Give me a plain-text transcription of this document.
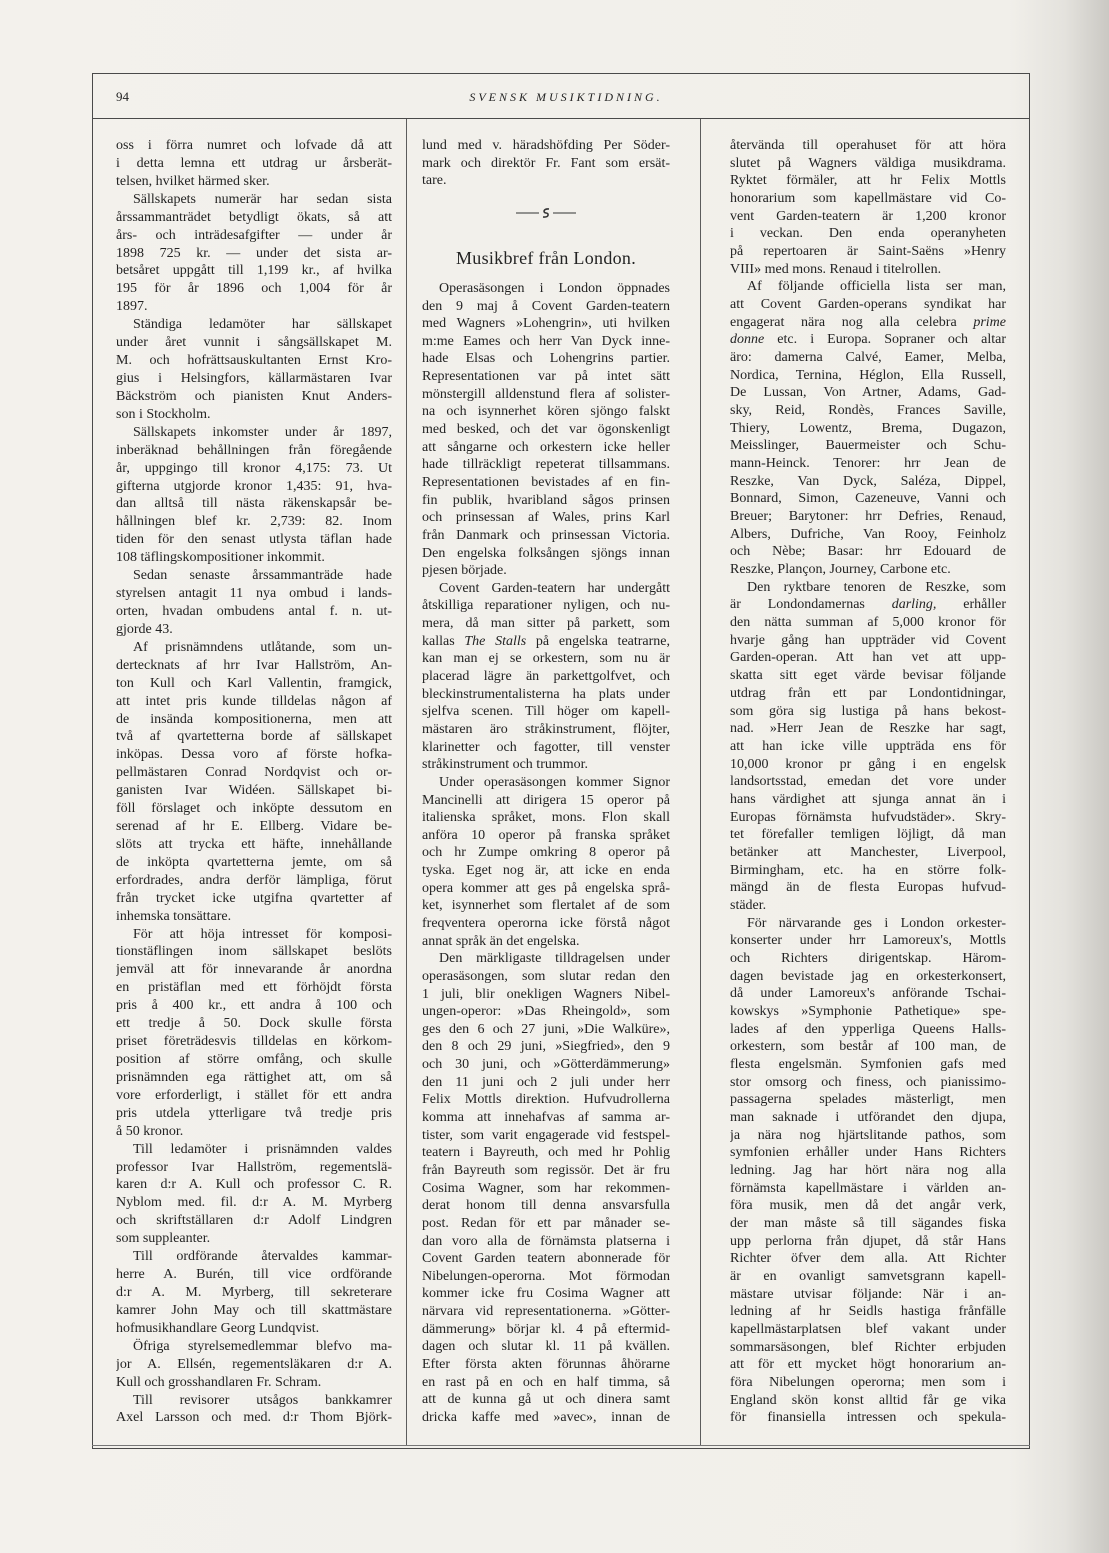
94	SVENSK MUSIKTIDNING.
oss i förra numret och lofvade då att
i detta lemna ett utdrag ur årsberät-
telsen, hvilket härmed sker.
Sällskapets numerär har sedan sista
årssammanträdet betydligt ökats, så att
års- och inträdesafgifter — under år
1898 725 kr. — under det sista ar-
betsåret uppgått till 1,199 kr., af hvilka
195 för år 1896 och 1,004 för år
1897.
Ständiga ledamöter har sällskapet
under året vunnit i sångsällskapet M.
M. och hofrättsauskultanten Ernst Kro-
gius i Helsingfors, källarmästaren Ivar
Bäckström och pianisten Knut Anders-
son i Stockholm.
Sällskapets inkomster under år 1897,
inberäknad behållningen från föregående
år, uppgingo till kronor 4,175: 73. Ut
gifterna utgjorde kronor 1,435: 91, hva-
dan alltså till nästa räkenskapsår be-
hållningen blef kr. 2,739: 82. Inom
tiden för den senast utlysta täflan hade
108 täflingskompositioner inkommit.
Sedan senaste årssammanträde hade
styrelsen antagit 11 nya ombud i lands-
orten, hvadan ombudens antal f. n. ut-
gjorde 43.
Af prisnämndens utlåtande, som un-
dertecknats af hrr Ivar Hallström, An-
ton Kull och Karl Vallentin, framgick,
att intet pris kunde tilldelas någon af
de insända kompositionerna, men att
två af qvartetterna borde af sällskapet
inköpas. Dessa voro af förste hofka-
pellmästaren Conrad Nordqvist och or-
ganisten Ivar Widéen. Sällskapet bi-
föll förslaget och inköpte dessutom en
serenad af hr E. Ellberg. Vidare be-
slöts att trycka ett häfte, innehållande
de inköpta qvartetterna jemte, om så
erfordrades, andra derför lämpliga, förut
från trycket icke utgifna qvartetter af
inhemska tonsättare.
För att höja intresset för komposi-
tionstäflingen inom sällskapet beslöts
jemväl att för innevarande år anordna
en pristäflan med ett förhöjdt första
pris å 400 kr., ett andra å 100 och
ett tredje å 50. Dock skulle första
priset företrädesvis tilldelas en körkom-
position af större omfång, och skulle
prisnämnden ega rättighet att, om så
vore erforderligt, i stället för ett andra
pris utdela ytterligare två tredje pris
å 50 kronor.
Till ledamöter i prisnämnden valdes
professor Ivar Hallström, regementslä-
karen d:r A. Kull och professor C. R.
Nyblom med. fil. d:r A. M. Myrberg
och skriftställaren d:r Adolf Lindgren
som suppleanter.
Till ordförande återvaldes kammar-
herre A. Burén, till vice ordförande
d:r A. M. Myrberg, till sekreterare
kamrer John May och till skattmästare
hofmusikhandlare Georg Lundqvist.
Öfriga styrelsemedlemmar blefvo ma-
jor A. Ellsén, regementsläkaren d:r A.
Kull och grosshandlaren Fr. Schram.
Till revisorer utsågos bankkamrer
Axel Larsson och med. d:r Thom Björk-
lund med v. häradshöfding Per Söder-
mark och direktör Fr. Fant som ersät-
tare.
Musikbref från London.
Operasäsongen i London öppnades
den 9 maj å Covent Garden-teatern
med Wagners »Lohengrin», uti hvilken
m:me Eames och herr Van Dyck inne-
hade Elsas och Lohengrins partier.
Representationen var på intet sätt
mönstergill alldenstund flera af solister-
na och isynnerhet kören sjöngo falskt
med besked, och det var ögonskenligt
att sångarne och orkestern icke heller
hade tillräckligt repeterat tillsammans.
Representationen bevistades af en fin-
fin publik, hvaribland sågos prinsen
och prinsessan af Wales, prins Karl
från Danmark och prinsessan Victoria.
Den engelska folksången sjöngs innan
pjesen började.
Covent Garden-teatern har undergått
åtskilliga reparationer nyligen, och nu-
mera, då man sitter på parkett, som
kallas The Stalls på engelska teatrarne,
kan man ej se orkestern, som nu är
placerad lägre än parkettgolfvet, och
bleckinstrumentalisterna ha plats under
sjelfva scenen. Till höger om kapell-
mästaren äro stråkinstrument, flöjter,
klarinetter och fagotter, till venster
stråkinstrument och trummor.
Under operasäsongen kommer Signor
Mancinelli att dirigera 15 operor på
italienska språket, mons. Flon skall
anföra 10 operor på franska språket
och hr Zumpe omkring 8 operor på
tyska. Eget nog är, att icke en enda
opera kommer att ges på engelska språ-
ket, isynnerhet som flertalet af de som
freqventera operorna icke förstå något
annat språk än det engelska.
Den märkligaste tilldragelsen under
operasäsongen, som slutar redan den
1 juli, blir onekligen Wagners Nibel-
ungen-operor: »Das Rheingold», som
ges den 6 och 27 juni, »Die Walküre»,
den 8 och 29 juni, »Siegfried», den 9
och 30 juni, och »Götterdämmerung»
den 11 juni och 2 juli under herr
Felix Mottls direktion. Hufvudrollerna
komma att innehafvas af samma ar-
tister, som varit engagerade vid festspel-
teatern i Bayreuth, och med hr Pohlig
från Bayreuth som regissör. Det är fru
Cosima Wagner, som har rekommen-
derat honom till denna ansvarsfulla
post. Redan för ett par månader se-
dan voro alla de förnämsta platserna i
Covent Garden teatern abonnerade för
Nibelungen-operorna. Mot förmodan
kommer icke fru Cosima Wagner att
närvara vid representationerna. »Götter-
dämmerung» börjar kl. 4 på eftermid-
dagen och slutar kl. 11 på kvällen.
Efter första akten förunnas åhörarne
en rast på en och en half timma, så
att de kunna gå ut och dinera samt
dricka kaffe med »avec», innan de
återvända till operahuset för att höra
slutet på Wagners väldiga musikdrama.
Ryktet förmäler, att hr Felix Mottls
honorarium som kapellmästare vid Co-
vent Garden-teatern är 1,200 kronor
i veckan. Den enda operanyheten
på repertoaren är Saint-Saëns »Henry
VIII» med mons. Renaud i titelrollen.
Af följande officiella lista ser man,
att Covent Garden-operans syndikat har
engagerat nära nog alla celebra prime
donne etc. i Europa. Sopraner och altar
äro: damerna Calvé, Eamer, Melba,
Nordica, Ternina, Héglon, Ella Russell,
De Lussan, Von Artner, Adams, Gad-
sky, Reid, Rondès, Frances Saville,
Thiery, Lowentz, Brema, Dugazon,
Meisslinger, Bauermeister och Schu-
mann-Heinck. Tenorer: hrr Jean de
Reszke, Van Dyck, Saléza, Dippel,
Bonnard, Simon, Cazeneuve, Vanni och
Breuer; Barytoner: hrr Defries, Renaud,
Albers, Dufriche, Van Rooy, Feinholz
och Nèbe; Basar: hrr Edouard de
Reszke, Plançon, Journey, Carbone etc.
Den ryktbare tenoren de Reszke, som
är Londondamernas darling, erhåller
den nätta summan af 5,000 kronor för
hvarje gång han uppträder vid Covent
Garden-operan. Att han vet att upp-
skatta sitt eget värde bevisar följande
utdrag från ett par Londontidningar,
som göra sig lustiga på hans bekost-
nad. »Herr Jean de Reszke har sagt,
att han icke ville uppträda ens för
10,000 kronor pr gång i en engelsk
landsortsstad, emedan det vore under
hans värdighet att sjunga annat än i
Europas förnämsta hufvudstäder». Skry-
tet förefaller temligen löjligt, då man
betänker att Manchester, Liverpool,
Birmingham, etc. ha en större folk-
mängd än de flesta Europas hufvud-
städer.
För närvarande ges i London orkester-
konserter under hrr Lamoreux's, Mottls
och Richters dirigentskap. Härom-
dagen bevistade jag en orkesterkonsert,
då under Lamoreux's anförande Tschai-
kowskys »Symphonie Pathetique» spe-
lades af den ypperliga Queens Halls-
orkestern, som består af 100 man, de
flesta engelsmän. Symfonien gafs med
stor omsorg och finess, och pianissimo-
passagerna spelades mästerligt, men
man saknade i utförandet den djupa,
ja nära nog hjärtslitande pathos, som
symfonien erhåller under Hans Richters
ledning. Jag har hört nära nog alla
förnämsta kapellmästare i världen an-
föra musik, men då det angår verk,
der man måste så till sägandes fiska
upp perlorna från djupet, då står Hans
Richter öfver dem alla. Att Richter
är en ovanligt samvetsgrann kapell-
mästare utvisar följande: När i an-
ledning af hr Seidls hastiga frånfälle
kapellmästarplatsen blef vakant under
sommarsäsongen, blef Richter erbjuden
att för ett mycket högt honorarium an-
föra Nibelungen operorna; men som i
England skön konst alltid får ge vika
för finansiella intressen och spekula-
